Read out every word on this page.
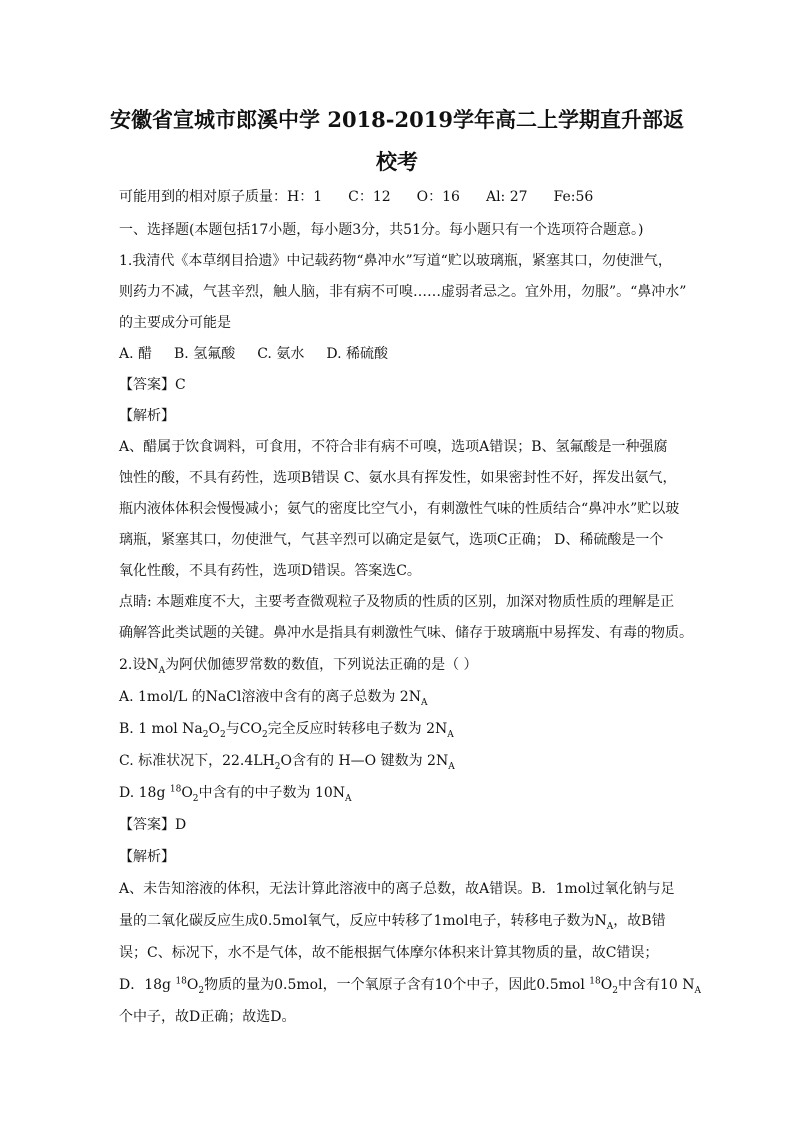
安徽省宣城市郎溪中学 2018-2019学年高二上学期直升部返
校考
可能用到的相对原子质量：H：1 C：12 O：16 Al: 27 Fe:56
一、选择题(本题包括17小题，每小题3分，共51分。每小题只有一个选项符合题意。)
1.我清代《本草纲目拾遗》中记载药物“鼻冲水”写道“贮以玻璃瓶，紧塞其口，勿使泄气，
则药力不减，气甚辛烈，触人脑，非有病不可嗅……虚弱者忌之。宜外用，勿服”。“鼻冲水”
的主要成分可能是
A. 醋 B. 氢氟酸 C. 氨水 D. 稀硫酸
【答案】C
【解析】
A、醋属于饮食调料，可食用，不符合非有病不可嗅，选项A错误；B、氢氟酸是一种强腐
蚀性的酸，不具有药性，选项B错误 C、氨水具有挥发性，如果密封性不好，挥发出氨气，
瓶内液体体积会慢慢减小；氨气的密度比空气小，有刺激性气味的性质结合“鼻冲水”贮以玻
璃瓶，紧塞其口，勿使泄气，气甚辛烈可以确定是氨气，选项C正确； D、稀硫酸是一个
氧化性酸，不具有药性，选项D错误。答案选C。
点睛: 本题难度不大，主要考查微观粒子及物质的性质的区别，加深对物质性质的理解是正
确解答此类试题的关键。鼻冲水是指具有刺激性气味、储存于玻璃瓶中易挥发、有毒的物质。
2.设$N_A$为阿伏伽德罗常数的数值，下列说法正确的是（ ）
A. 1mol/L 的NaCl溶液中含有的离子总数为 $2N_A$
B. 1 mol $Na_2O_2$与$CO_2$完全反应时转移电子数为 $2N_A$
C. 标准状况下，$22.4LH_2O$含有的 H—O 键数为 $2N_A$
D. 18g $^{18}O_2$中含有的中子数为 $10N_A$
【答案】D
【解析】
A、未告知溶液的体积，无法计算此溶液中的离子总数，故A错误。B．1mol过氧化钠与足
量的二氧化碳反应生成0.5mol氧气，反应中转移了1mol电子，转移电子数为$N_A$，故B错
误；C、标况下，水不是气体，故不能根据气体摩尔体积来计算其物质的量，故C错误；
D．18g $^{18}O_2$物质的量为0.5mol，一个氧原子含有10个中子，因此0.5mol $^{18}O_2$中含有10 $N_A$
个中子，故D正确；故选D。
